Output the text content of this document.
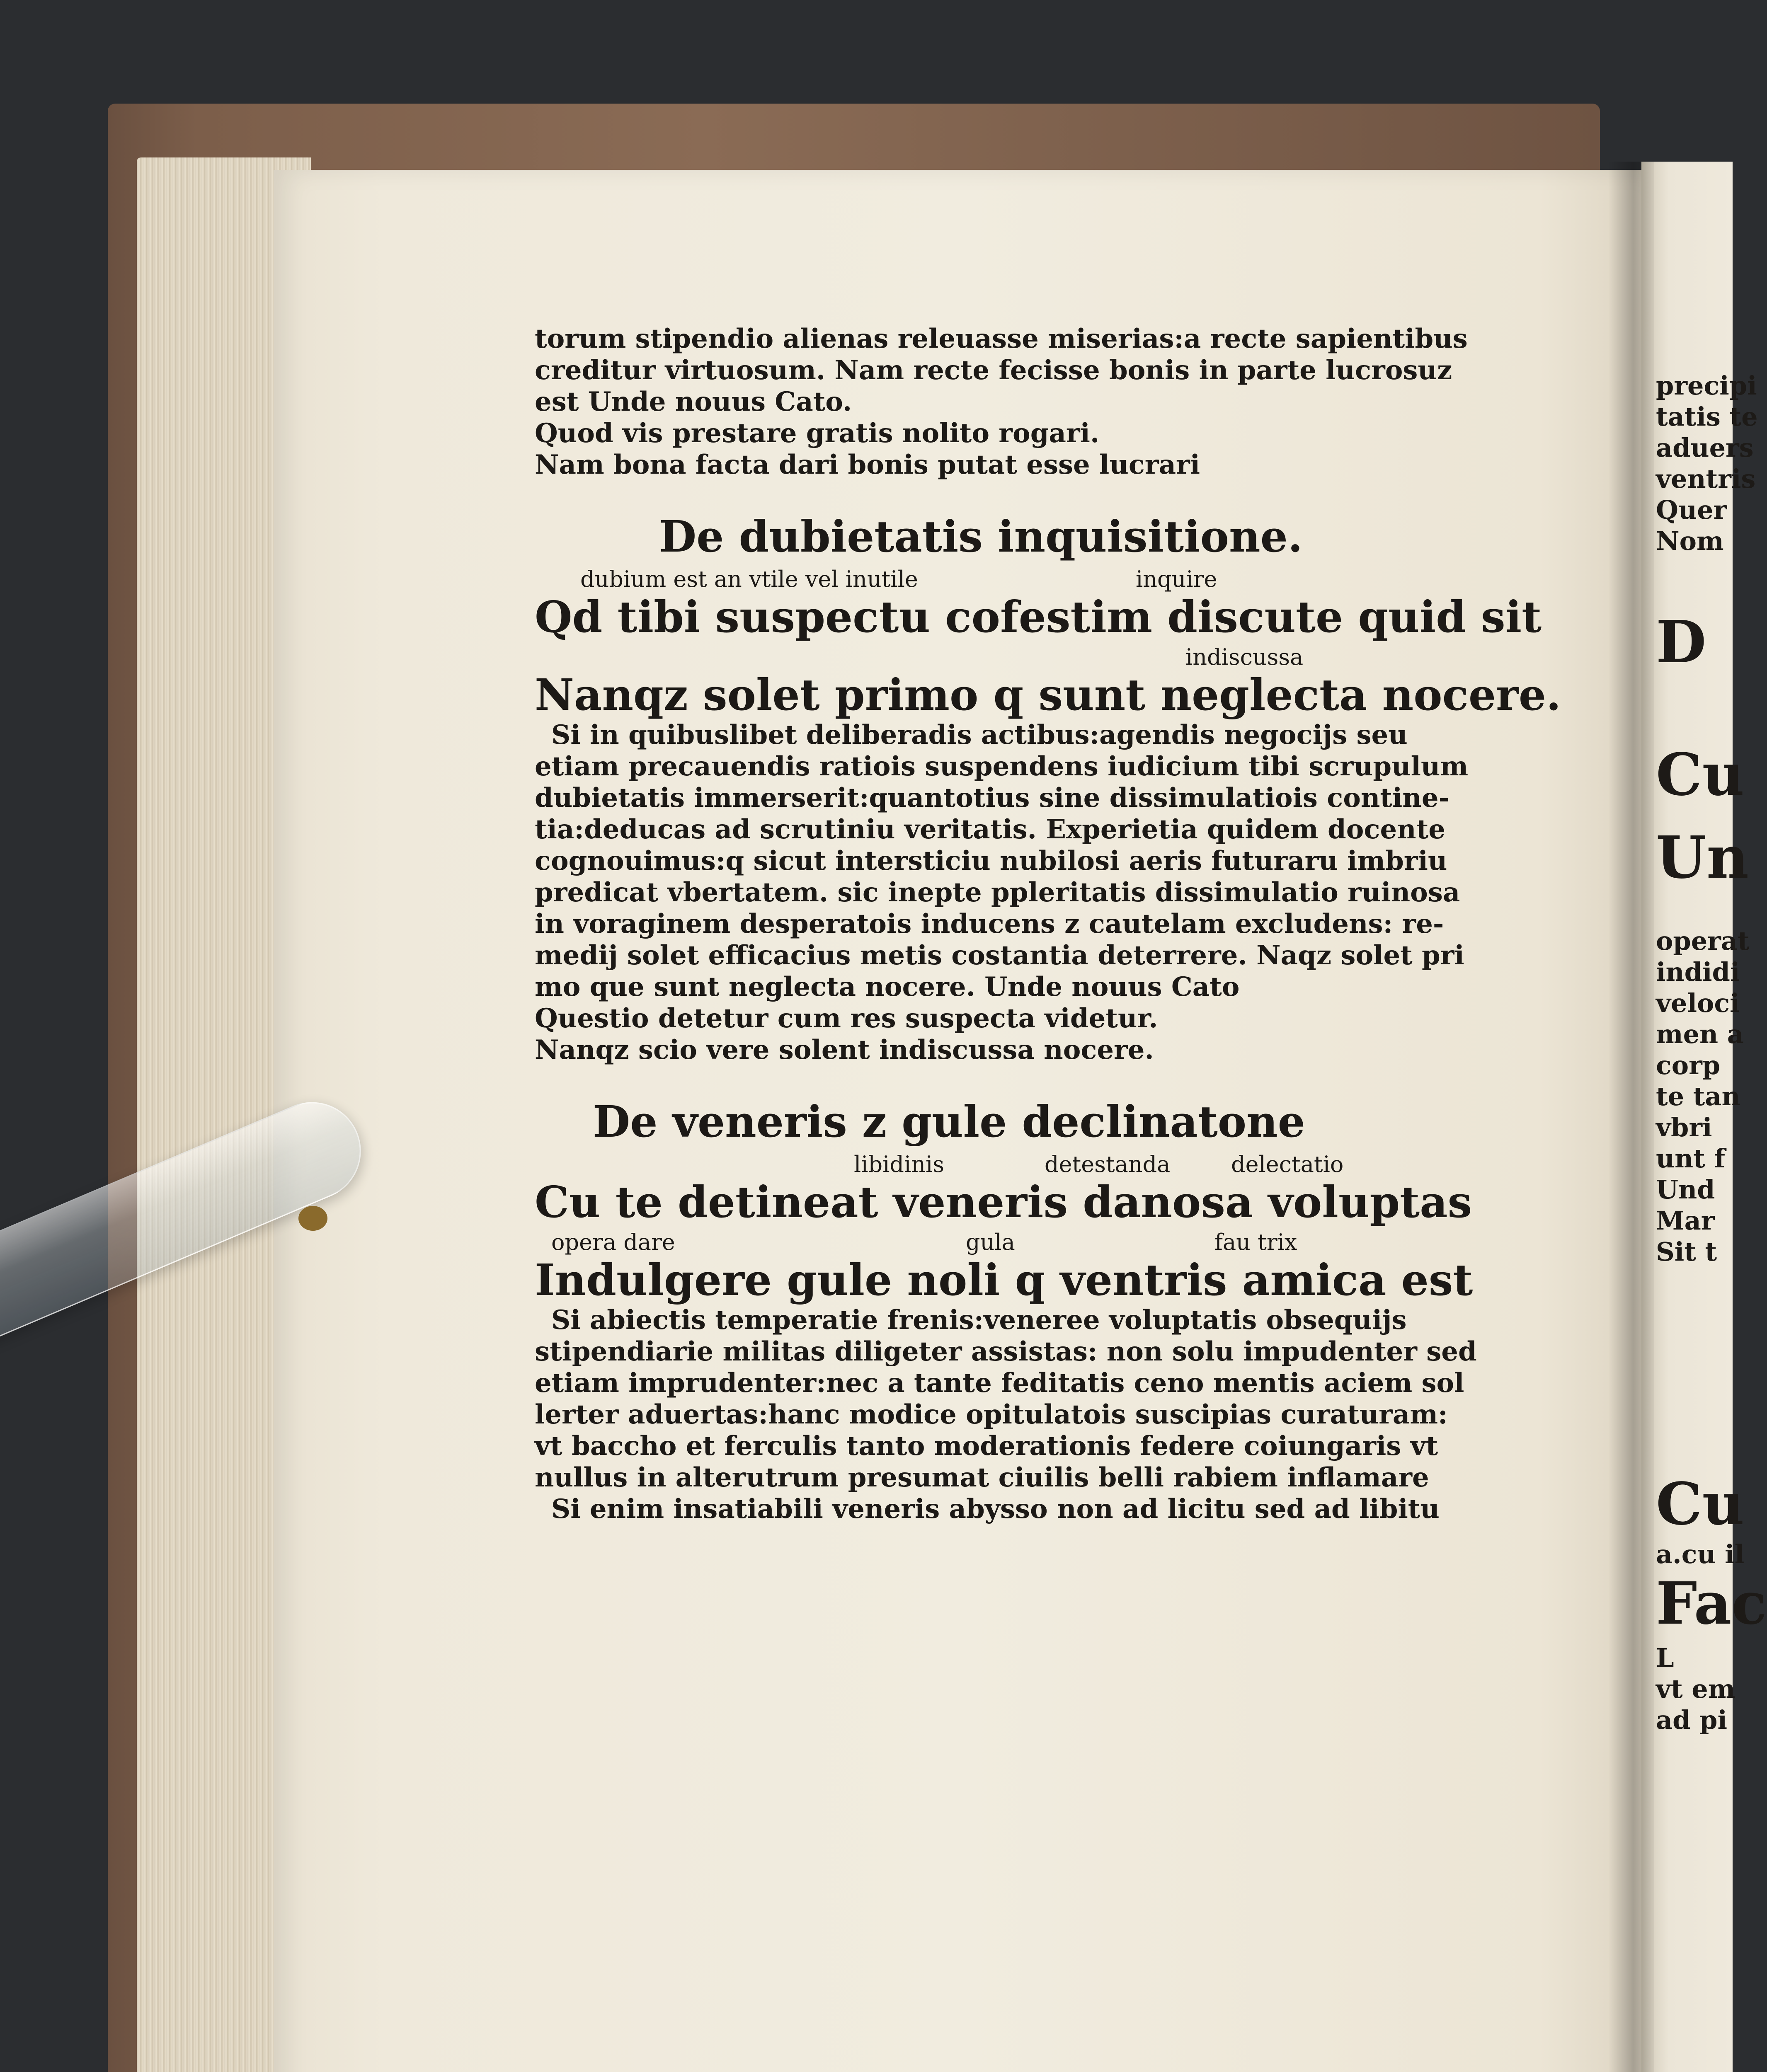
precipi
tatis te
aduers
ventris
Quer
Nom
D
Cu
Un
operat
indidi
veloci
men a
corp
te tan
vbri
unt f
Und
Mar
Sit t
Cu
a.cu il
Fac
L
vt em
ad pi
torum stipendio alienas releuasse miserias:a recte sapientibus
creditur virtuosum. Nam recte fecisse bonis in parte lucrosuz
est Unde nouus Cato.
Quod vis prestare gratis nolito rogari.
Nam bona facta dari bonis putat esse lucrari
De dubietatis inquisitione.
dubium est an vtile vel inutile	inquire
Qd tibi suspectu cofestim discute quid sit
indiscussa
Nanqz solet primo q sunt neglecta nocere.
Si in quibuslibet deliberadis actibus:agendis negocijs seu
etiam precauendis ratiois suspendens iudicium tibi scrupulum
dubietatis immerserit:quantotius sine dissimulatiois contine-
tia:deducas ad scrutiniu veritatis. Experietia quidem docente
cognouimus:q sicut intersticiu nubilosi aeris futuraru imbriu
predicat vbertatem. sic inepte ppleritatis dissimulatio ruinosa
in voraginem desperatois inducens z cautelam excludens: re-
medij solet efficacius metis costantia deterrere. Naqz solet pri
mo que sunt neglecta nocere. Unde nouus Cato
Questio detetur cum res suspecta videtur.
Nanqz scio vere solent indiscussa nocere.
De veneris z gule declinatone
libidinis	detestanda	delectatio
Cu te detineat veneris danosa voluptas
opera dare	gula	fau trix
Indulgere gule noli q ventris amica est
Si abiectis temperatie frenis:veneree voluptatis obsequijs
stipendiarie militas diligeter assistas: non solu impudenter sed
etiam imprudenter:nec a tante feditatis ceno mentis aciem sol
lerter aduertas:hanc modice opitulatois suscipias curaturam:
vt baccho et ferculis tanto moderationis federe coiungaris vt
nullus in alterutrum presumat ciuilis belli rabiem inflamare
Si enim insatiabili veneris abysso non ad licitu sed ad libitu
